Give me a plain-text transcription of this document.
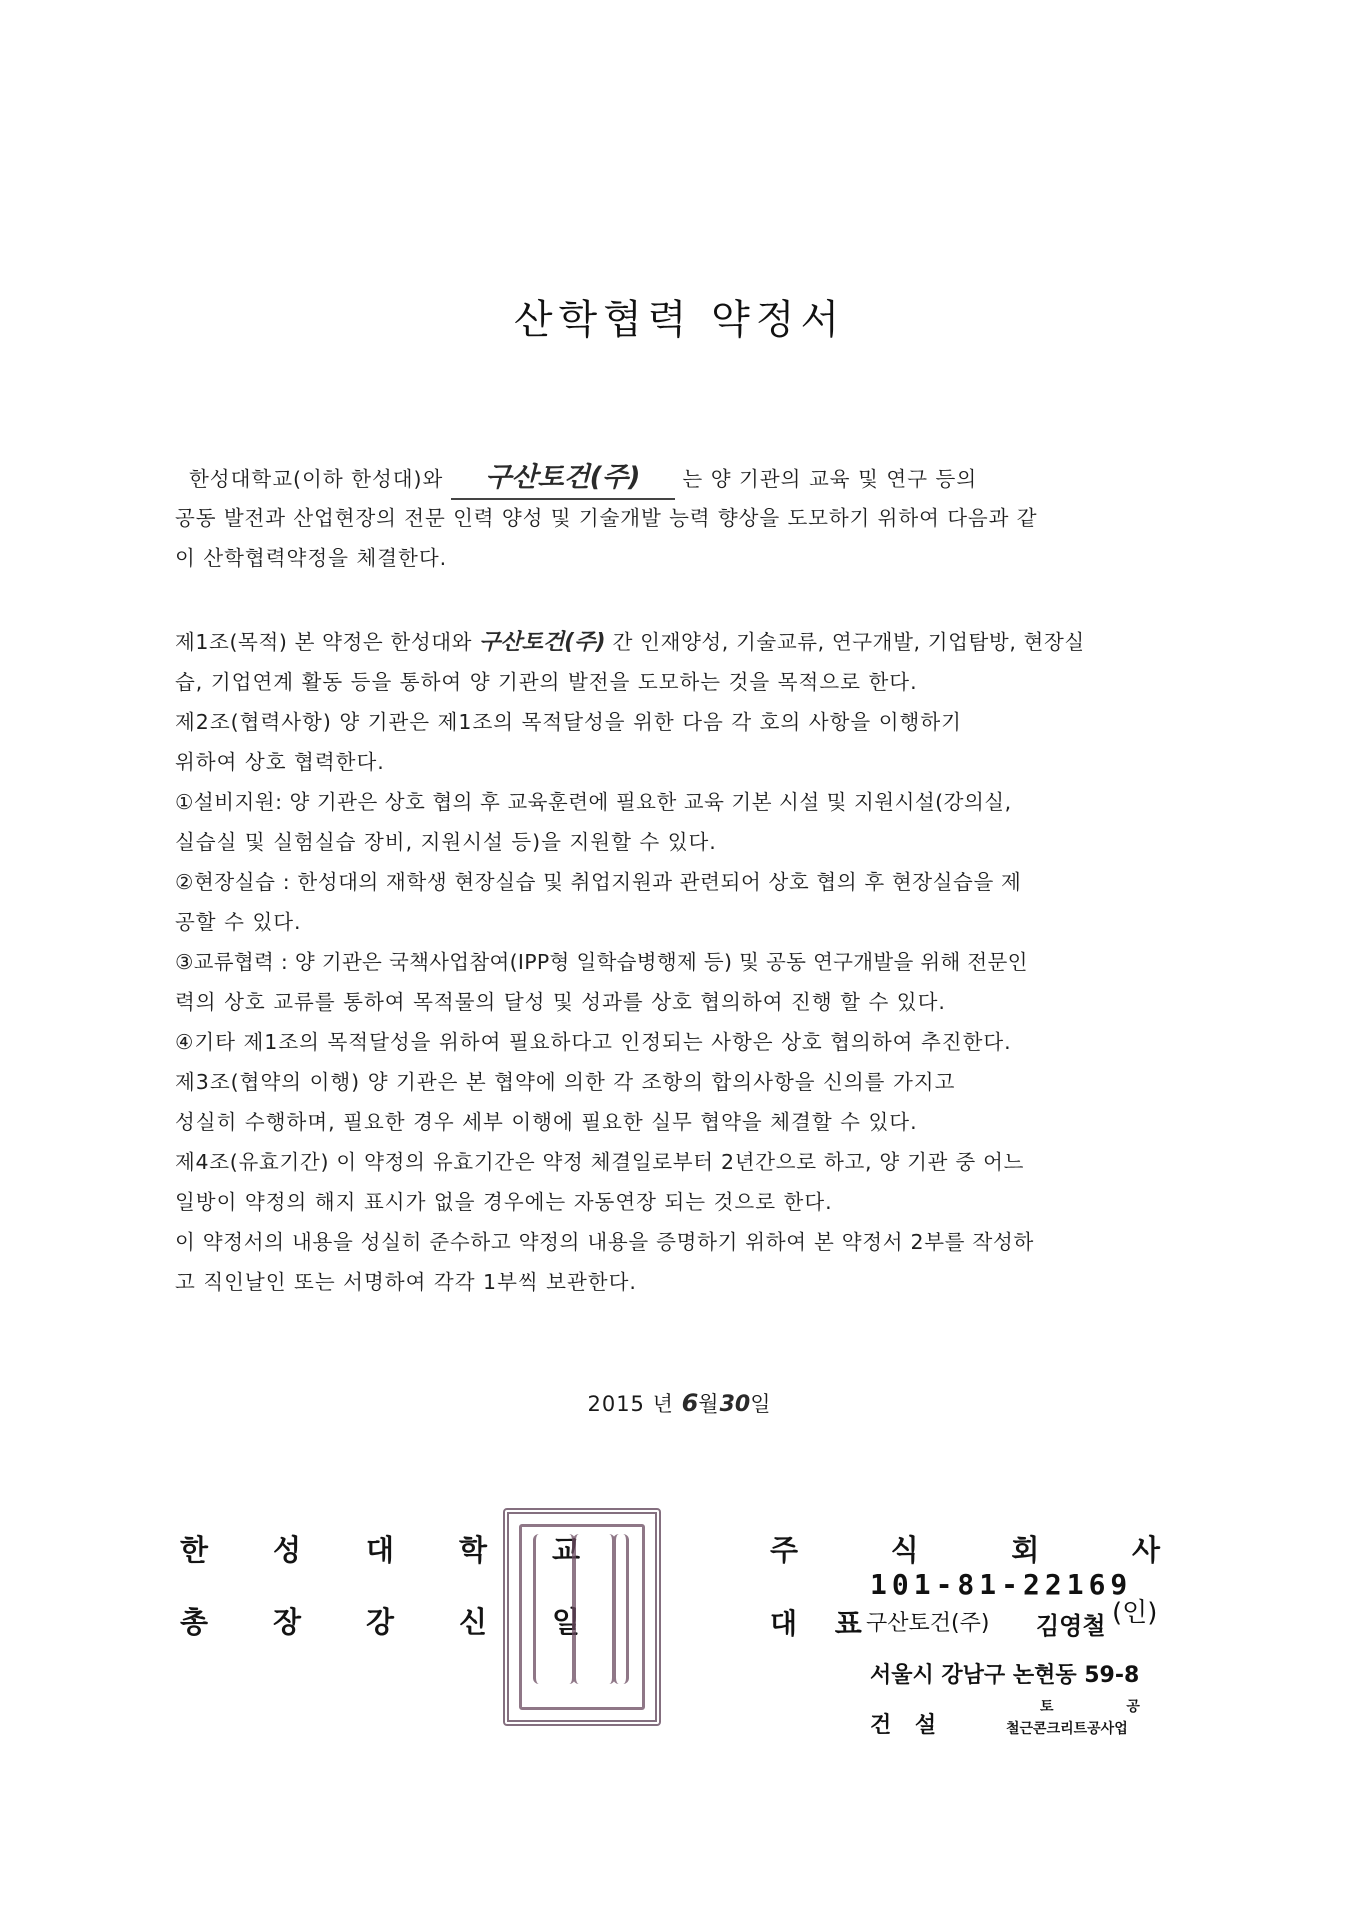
산학협력 약정서
한성대학교(이하 한성대)와 구산토건(주) 는 양 기관의 교육 및 연구 등의
공동 발전과 산업현장의 전문 인력 양성 및 기술개발 능력 향상을 도모하기 위하여 다음과 같
이 산학협력약정을 체결한다.
제1조(목적) 본 약정은 한성대와 구산토건(주) 간 인재양성, 기술교류, 연구개발, 기업탐방, 현장실
습, 기업연계 활동 등을 통하여 양 기관의 발전을 도모하는 것을 목적으로 한다.
제2조(협력사항) 양 기관은 제1조의 목적달성을 위한 다음 각 호의 사항을 이행하기
위하여 상호 협력한다.
①설비지원: 양 기관은 상호 협의 후 교육훈련에 필요한 교육 기본 시설 및 지원시설(강의실,
실습실 및 실험실습 장비, 지원시설 등)을 지원할 수 있다.
②현장실습 : 한성대의 재학생 현장실습 및 취업지원과 관련되어 상호 협의 후 현장실습을 제
공할 수 있다.
③교류협력 : 양 기관은 국책사업참여(IPP형 일학습병행제 등) 및 공동 연구개발을 위해 전문인
력의 상호 교류를 통하여 목적물의 달성 및 성과를 상호 협의하여 진행 할 수 있다.
④기타 제1조의 목적달성을 위하여 필요하다고 인정되는 사항은 상호 협의하여 추진한다.
제3조(협약의 이행) 양 기관은 본 협약에 의한 각 조항의 합의사항을 신의를 가지고
성실히 수행하며, 필요한 경우 세부 이행에 필요한 실무 협약을 체결할 수 있다.
제4조(유효기간) 이 약정의 유효기간은 약정 체결일로부터 2년간으로 하고, 양 기관 중 어느
일방이 약정의 해지 표시가 없을 경우에는 자동연장 되는 것으로 한다.
이 약정서의 내용을 성실히 준수하고 약정의 내용을 증명하기 위하여 본 약정서 2부를 작성하
고 직인날인 또는 서명하여 각각 1부씩 보관한다.
2015 년 6월30일
한 성 대 학 교
총 장 강 신 일
주	식	회	사
대 표
101-81-22169
구산토건(주) 김영철 (인)
서울시 강남구 논현동 59-8
건 설
토 공
철근콘크리트공사업
